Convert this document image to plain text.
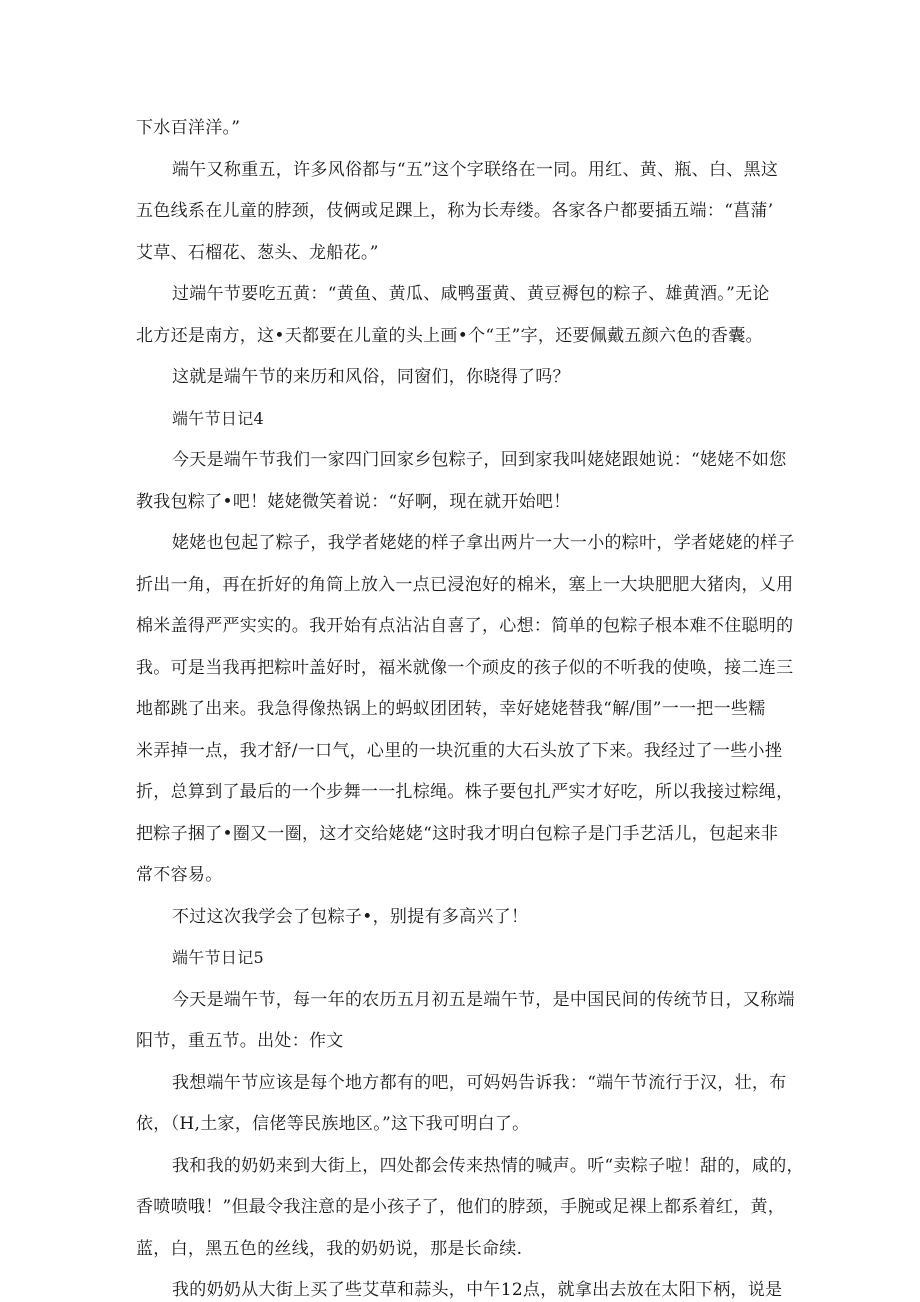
下水百洋洋。”
端午又称重五，许多风俗都与“五”这个字联络在一同。用红、黄、瓶、白、黑这
五色线系在儿童的脖颈，伎俩或足踝上，称为长寿缕。各家各户都要插五端：“菖蒲’
艾草、石榴花、葱头、龙船花。”
过端午节要吃五黄：“黄鱼、黄瓜、咸鸭蛋黄、黄豆褥包的粽子、雄黄酒。”无论
北方还是南方，这•天都要在儿童的头上画•个“王”字，还要佩戴五颜六色的香囊。
这就是端午节的来历和风俗，同窗们，你晓得了吗？
端午节日记4
今天是端午节我们一家四门回家乡包粽子，回到家我叫姥姥跟她说：“姥姥不如您
教我包粽了•吧！姥姥微笑着说：“好啊，现在就开始吧！
姥姥也包起了粽子，我学者姥姥的样子拿出两片一大一小的粽叶，学者姥姥的样子
折出一角，再在折好的角筒上放入一点已浸泡好的棉米，塞上一大块肥肥大猪肉，乂用
棉米盖得严严实实的。我开始有点沾沾自喜了，心想：简单的包粽子根本难不住聪明的
我。可是当我再把粽叶盖好时，福米就像一个顽皮的孩子似的不听我的使唤，接二连三
地都跳了出来。我急得像热锅上的蚂蚁团团转，幸好姥姥替我“解/围”一一把一些糯
米弄掉一点，我才舒/一口气，心里的一块沉重的大石头放了下来。我经过了一些小挫
折，总算到了最后的一个步舞一一扎棕绳。株子要包扎严实才好吃，所以我接过粽绳，
把粽子捆了•圈又一圈，这才交给姥姥“这时我才明白包粽子是门手艺活儿，包起来非
常不容易。
不过这次我学会了包粽子•，别提有多高兴了！
端午节日记5
今天是端午节，每一年的农历五月初五是端午节，是中国民间的传统节日，又称端
阳节，重五节。出处：作文
我想端午节应该是每个地方都有的吧，可妈妈告诉我：“端午节流行于汉，壮，布
依，（H,土家，信佬等民族地区。”这下我可明白了。
我和我的奶奶来到大街上，四处都会传来热情的喊声。听“卖粽子啦！甜的，咸的，
香喷喷哦！”但最令我注意的是小孩子了，他们的脖颈，手腕或足裸上都系着红，黄，
蓝，白，黑五色的丝线，我的奶奶说，那是长命续.
我的奶奶从大街上买了些艾草和蒜头，中午12点，就拿出去放在太阳下柄，说是
